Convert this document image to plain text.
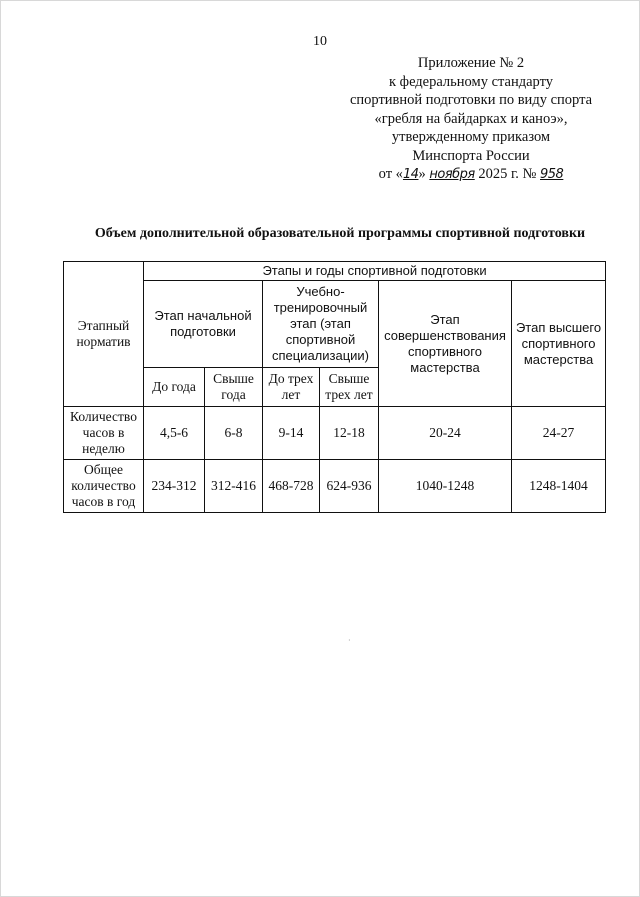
10
Приложение № 2
к федеральному стандарту
спортивной подготовки по виду спорта
«гребля на байдарках и каноэ»,
утвержденному приказом
Минспорта России
от «14» ноября 2025 г. № 958
Объем дополнительной образовательной программы спортивной подготовки
Этапный норматив	Этапы и годы спортивной подготовки					
	Этап начальной подготовки		Учебно-тренировочный этап (этап спортивной специализации)		Этап совершенствования спортивного мастерства	Этап высшего спортивного мастерства
	До года	Свыше года	До трех лет	Свыше трех лет		
Количество часов в неделю	4,5-6	6-8	9-14	12-18	20-24	24-27
Общее количество часов в год	234-312	312-416	468-728	624-936	1040-1248	1248-1404
·
